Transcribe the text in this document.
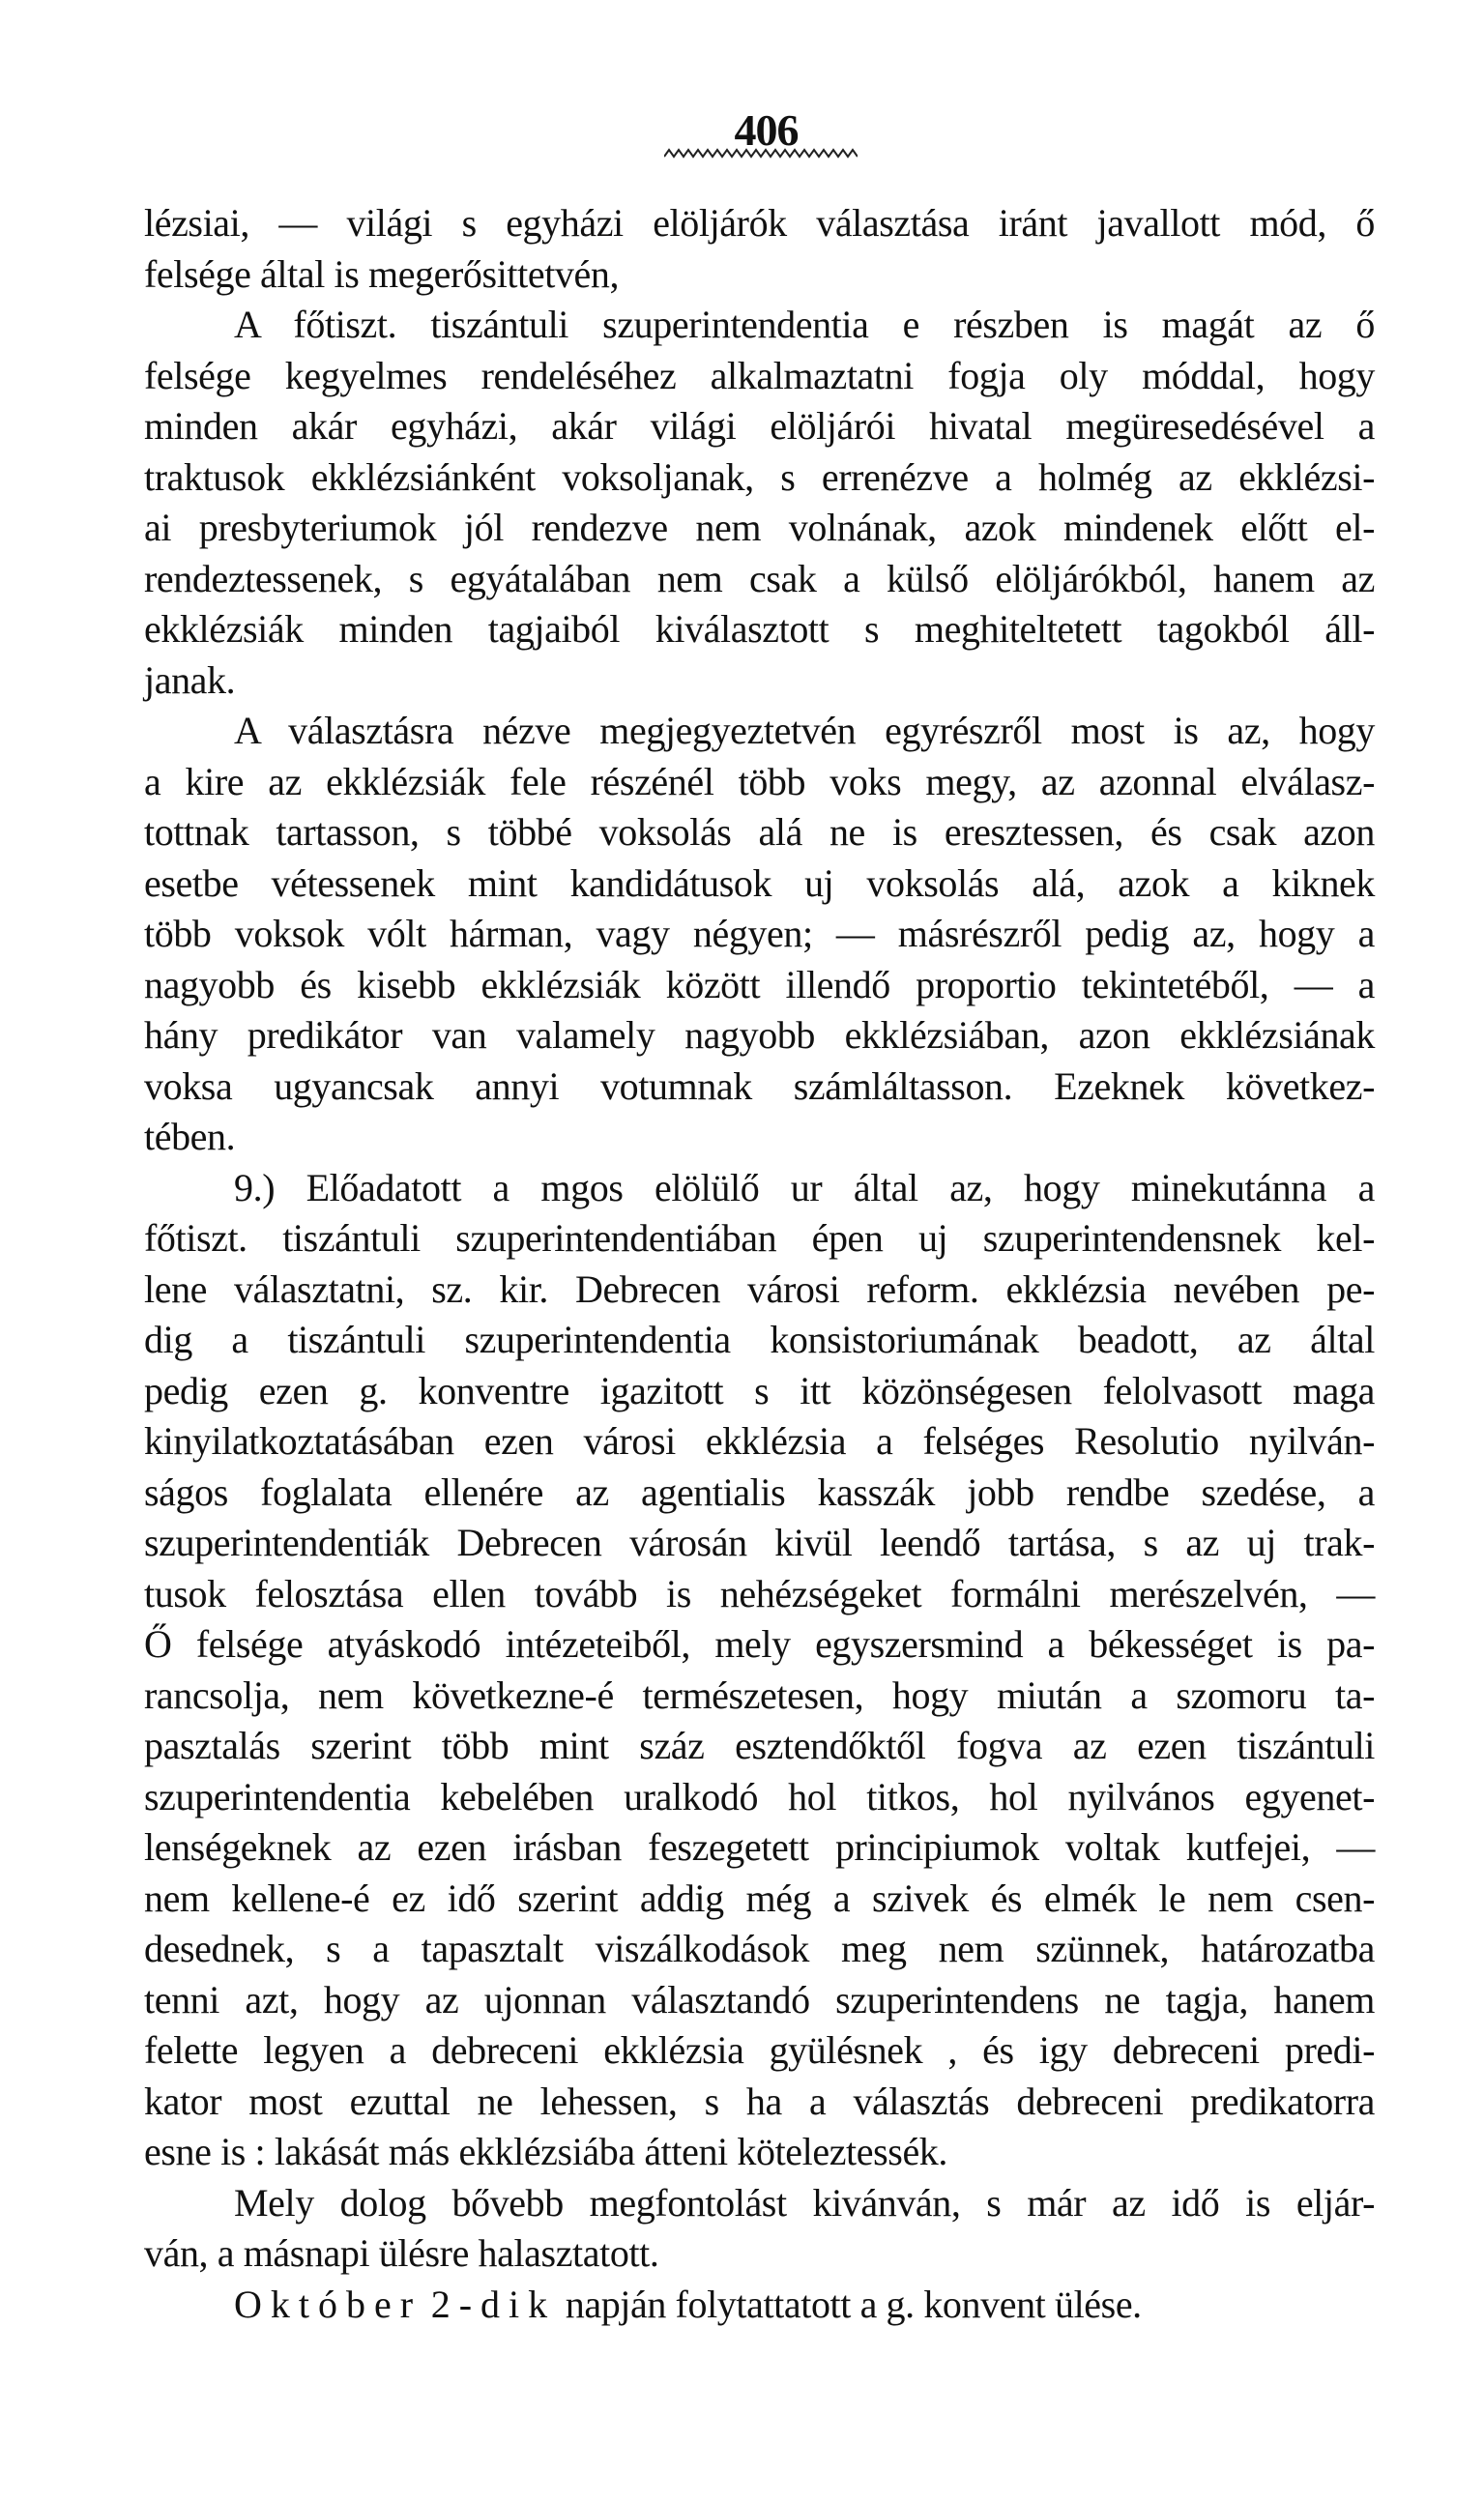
406
lézsiai, — világi s egyházi elöljárók választása iránt javallott mód, ő
felsége által is megerősittetvén,
A főtiszt. tiszántuli szuperintendentia e részben is magát az ő
felsége kegyelmes rendeléséhez alkalmaztatni fogja oly móddal, hogy
minden akár egyházi, akár világi elöljárói hivatal megüresedésével a
traktusok ekklézsiánként voksoljanak, s errenézve a holmég az ekklézsi-
ai presbyteriumok jól rendezve nem volnának, azok mindenek előtt el-
rendeztessenek, s egyátalában nem csak a külső elöljárókból, hanem az
ekklézsiák minden tagjaiból kiválasztott s meghiteltetett tagokból áll-
janak.
A választásra nézve megjegyeztetvén egyrészről most is az, hogy
a kire az ekklézsiák fele részénél több voks megy, az azonnal elválasz-
tottnak tartasson, s többé voksolás alá ne is eresztessen, és csak azon
esetbe vétessenek mint kandidátusok uj voksolás alá, azok a kiknek
több voksok vólt hárman, vagy négyen; — másrészről pedig az, hogy a
nagyobb és kisebb ekklézsiák között illendő proportio tekintetéből, — a
hány predikátor van valamely nagyobb ekklézsiában, azon ekklézsiának
voksa ugyancsak annyi votumnak számláltasson. Ezeknek következ-
tében.
9.) Előadatott a mgos elölülő ur által az, hogy minekutánna a
főtiszt. tiszántuli szuperintendentiában épen uj szuperintendensnek kel-
lene választatni, sz. kir. Debrecen városi reform. ekklézsia nevében pe-
dig a tiszántuli szuperintendentia konsistoriumának beadott, az által
pedig ezen g. konventre igazitott s itt közönségesen felolvasott maga
kinyilatkoztatásában ezen városi ekklézsia a felséges Resolutio nyilván-
ságos foglalata ellenére az agentialis kasszák jobb rendbe szedése, a
szuperintendentiák Debrecen városán kivül leendő tartása, s az uj trak-
tusok felosztása ellen tovább is nehézségeket formálni merészelvén, —
Ő felsége atyáskodó intézeteiből, mely egyszersmind a békességet is pa-
rancsolja, nem következne-é természetesen, hogy miután a szomoru ta-
pasztalás szerint több mint száz esztendőktől fogva az ezen tiszántuli
szuperintendentia kebelében uralkodó hol titkos, hol nyilvános egyenet-
lenségeknek az ezen irásban feszegetett principiumok voltak kutfejei, —
nem kellene-é ez idő szerint addig még a szivek és elmék le nem csen-
desednek, s a tapasztalt viszálkodások meg nem szünnek, határozatba
tenni azt, hogy az ujonnan választandó szuperintendens ne tagja, hanem
felette legyen a debreceni ekklézsia gyülésnek , és igy debreceni predi-
kator most ezuttal ne lehessen, s ha a választás debreceni predikatorra
esne is : lakását más ekklézsiába átteni köteleztessék.
Mely dolog bővebb megfontolást kivánván, s már az idő is eljár-
ván, a másnapi ülésre halasztatott.
Október 2-dik napján folytattatott a g. konvent ülése.
